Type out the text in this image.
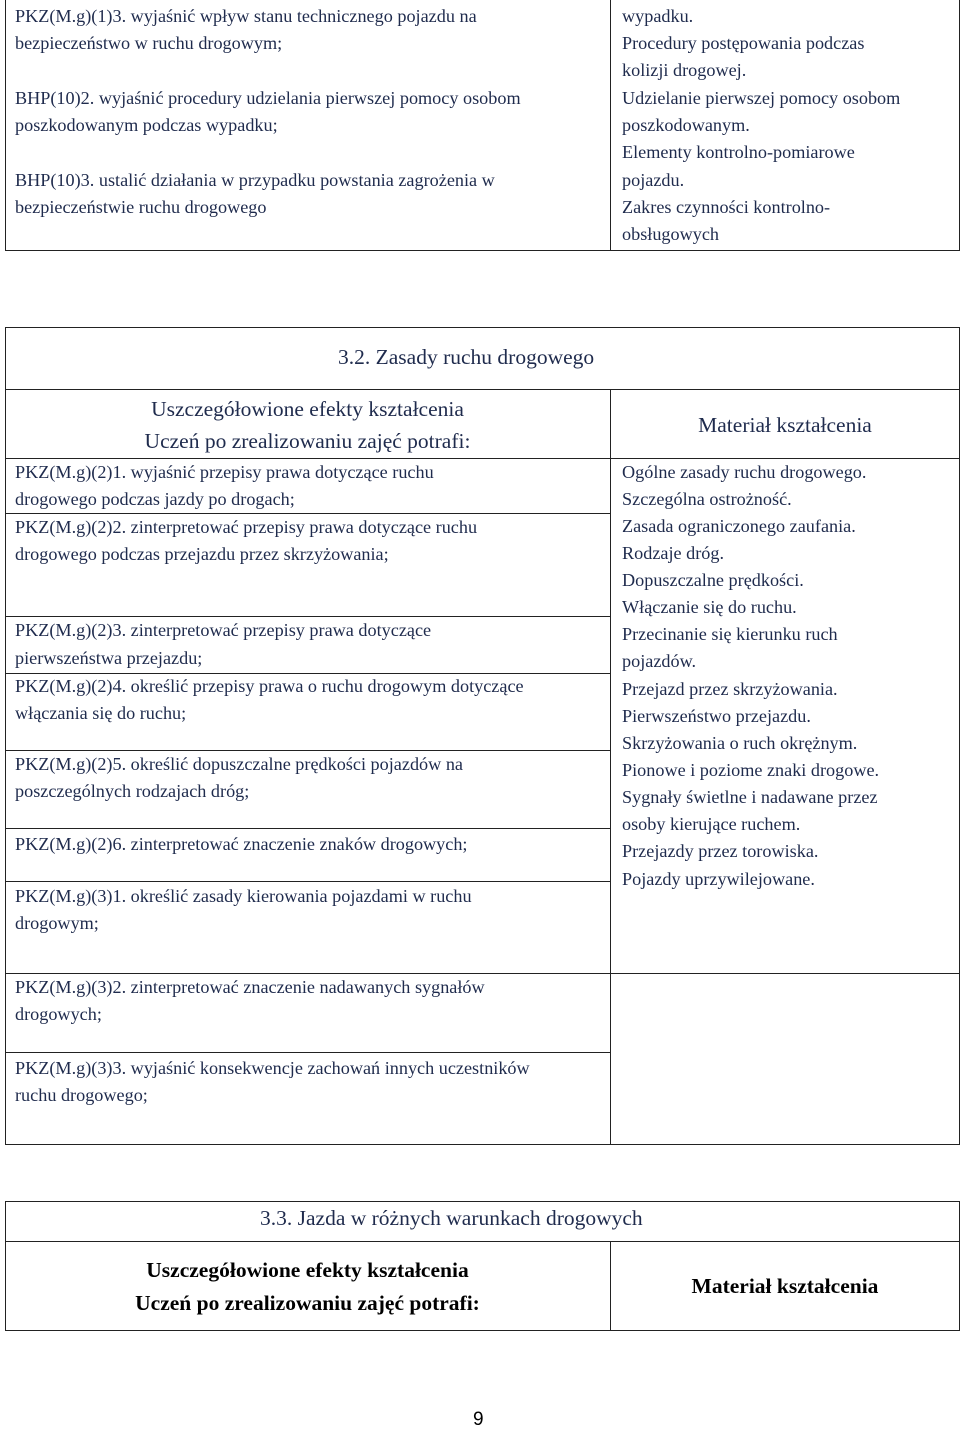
PKZ(M.g)(1)3. wyjaśnić wpływ stanu technicznego pojazdu na
bezpieczeństwo w ruchu drogowym;
BHP(10)2. wyjaśnić procedury udzielania pierwszej pomocy osobom
poszkodowanym podczas wypadku;
BHP(10)3. ustalić działania w przypadku powstania zagrożenia w
bezpieczeństwie ruchu drogowego
wypadku.
Procedury postępowania podczas
kolizji drogowej.
Udzielanie pierwszej pomocy osobom
poszkodowanym.
Elementy kontrolno-pomiarowe
pojazdu.
Zakres czynności kontrolno-
obsługowych
3.2. Zasady ruchu drogowego
Uszczegółowione efekty kształcenia
Uczeń po zrealizowaniu zajęć potrafi:
Materiał kształcenia
PKZ(M.g)(2)1. wyjaśnić przepisy prawa dotyczące ruchu
drogowego podczas jazdy po drogach;
PKZ(M.g)(2)2. zinterpretować przepisy prawa dotyczące ruchu
drogowego podczas przejazdu przez skrzyżowania;
PKZ(M.g)(2)3. zinterpretować przepisy prawa dotyczące
pierwszeństwa przejazdu;
PKZ(M.g)(2)4. określić przepisy prawa o ruchu drogowym dotyczące
włączania się do ruchu;
PKZ(M.g)(2)5. określić dopuszczalne prędkości pojazdów na
poszczególnych rodzajach dróg;
PKZ(M.g)(2)6. zinterpretować znaczenie znaków drogowych;
PKZ(M.g)(3)1. określić zasady kierowania pojazdami w ruchu
drogowym;
PKZ(M.g)(3)2. zinterpretować znaczenie nadawanych sygnałów
drogowych;
PKZ(M.g)(3)3. wyjaśnić konsekwencje zachowań innych uczestników
ruchu drogowego;
Ogólne zasady ruchu drogowego.
Szczególna ostrożność.
Zasada ograniczonego zaufania.
Rodzaje dróg.
Dopuszczalne prędkości.
Włączanie się do ruchu.
Przecinanie się kierunku ruch
pojazdów.
Przejazd przez skrzyżowania.
Pierwszeństwo przejazdu.
Skrzyżowania o ruch okrężnym.
Pionowe i poziome znaki drogowe.
Sygnały świetlne i nadawane przez
osoby kierujące ruchem.
Przejazdy przez torowiska.
Pojazdy uprzywilejowane.
3.3. Jazda w różnych warunkach drogowych
Uszczegółowione efekty kształcenia
Uczeń po zrealizowaniu zajęć potrafi:
Materiał kształcenia
9
